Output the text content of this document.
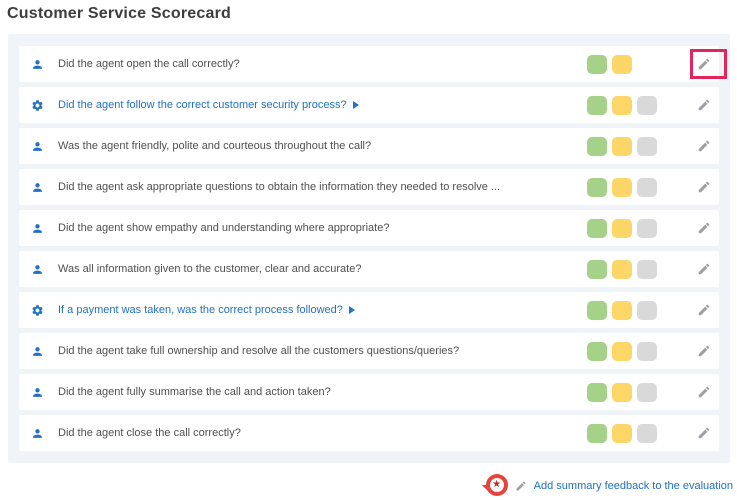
Customer Service Scorecard
Did the agent open the call correctly?
Did the agent follow the correct customer security process?
Was the agent friendly, polite and courteous throughout the call?
Did the agent ask appropriate questions to obtain the information they needed to resolve ...
Did the agent show empathy and understanding where appropriate?
Was all information given to the customer, clear and accurate?
If a payment was taken, was the correct process followed?
Did the agent take full ownership and resolve all the customers questions/queries?
Did the agent fully summarise the call and action taken?
Did the agent close the call correctly?
★	Add summary feedback to the evaluation
